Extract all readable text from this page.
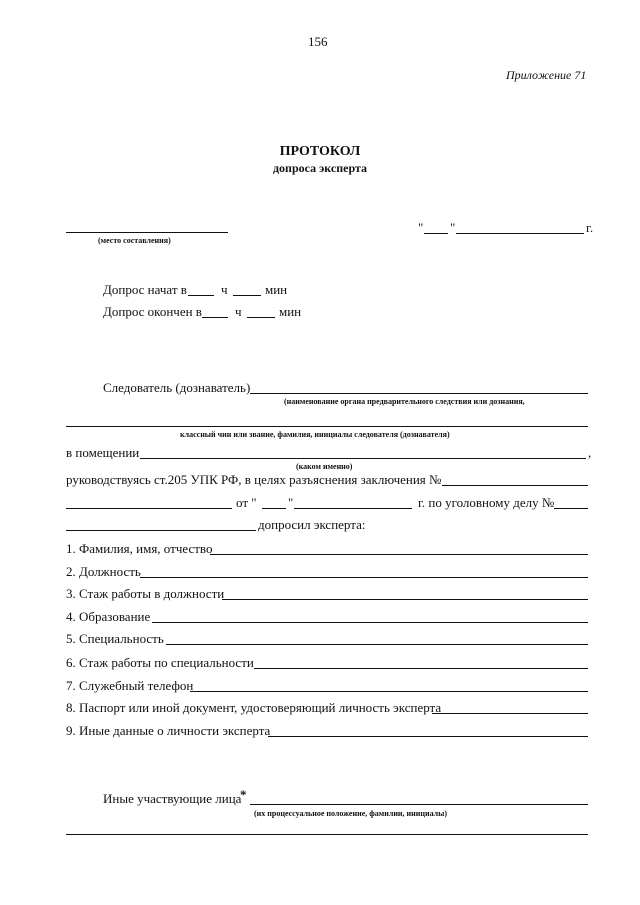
156
Приложение 71
ПРОТОКОЛ
допроса эксперта
(место составления)
" "	г.
Допрос начат в	ч	мин
Допрос окончен в	ч	мин
Следователь (дознаватель)
(наименование органа предварительного следствия или дознания,
классный чин или звание, фамилия, инициалы следователя (дознавателя)
в помещении	,
(каком именно)
руководствуясь ст.205 УПК РФ, в целях разъяснения заключения №
от " "	г. по уголовному делу №
допросил эксперта:
1. Фамилия, имя, отчество
2. Должность
3. Стаж работы в должности
4. Образование
5. Специальность
6. Стаж работы по специальности
7. Служебный телефон
8. Паспорт или иной документ, удостоверяющий личность эксперта
9. Иные данные о личности эксперта
Иные участвующие лица
*
(их процессуальное положение, фамилии, инициалы)
